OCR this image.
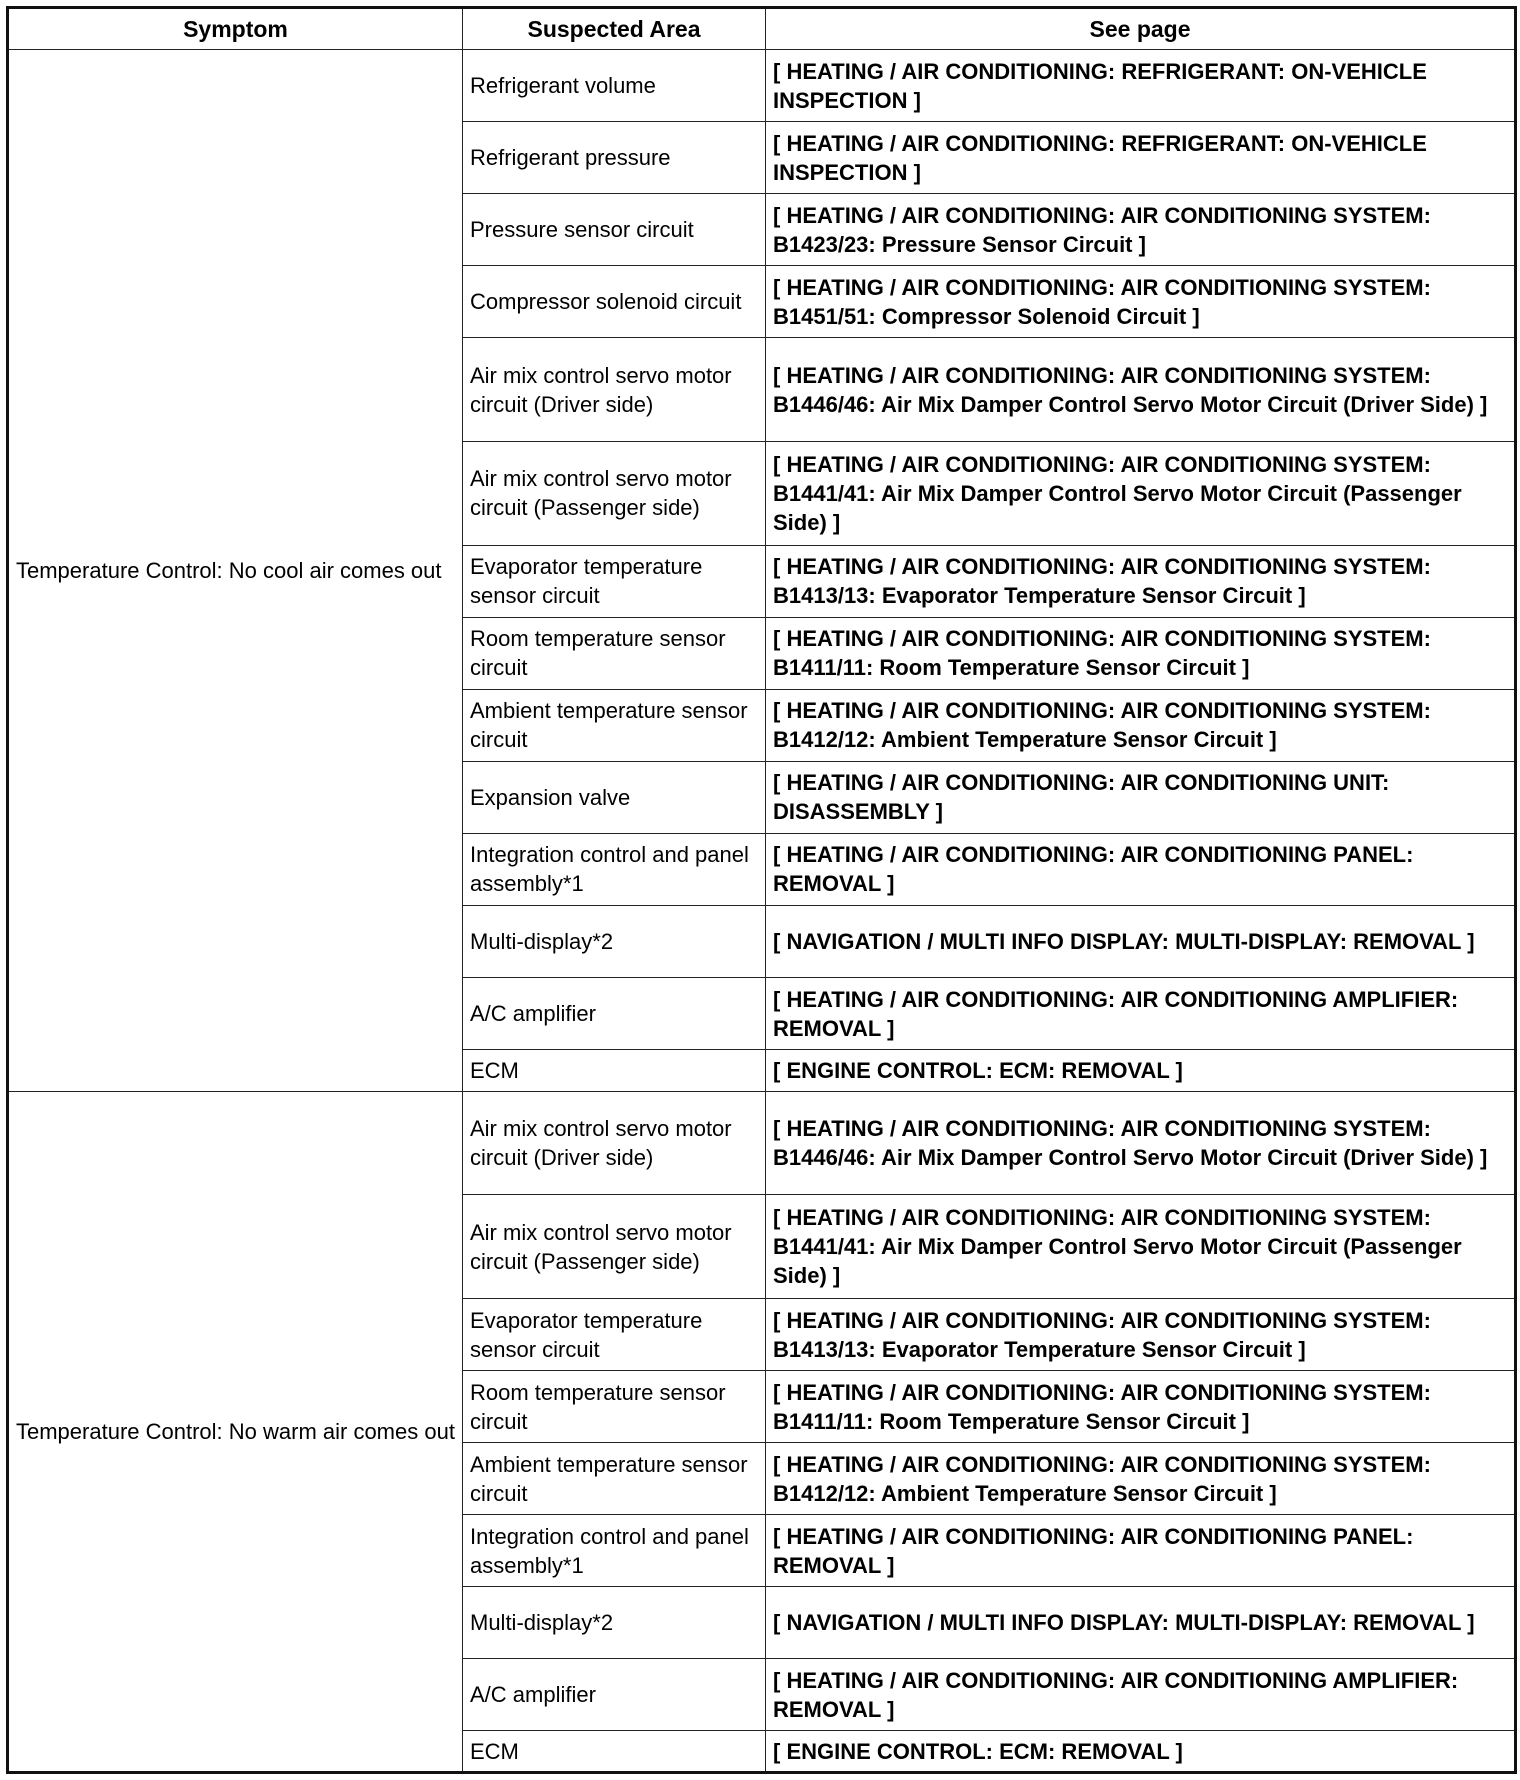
Symptom	Suspected Area	See page
Temperature Control: No cool air comes out	Refrigerant volume	[ HEATING / AIR CONDITIONING: REFRIGERANT: ON-VEHICLE INSPECTION ]
	Refrigerant pressure	[ HEATING / AIR CONDITIONING: REFRIGERANT: ON-VEHICLE INSPECTION ]
	Pressure sensor circuit	[ HEATING / AIR CONDITIONING: AIR CONDITIONING SYSTEM: B1423/23: Pressure Sensor Circuit ]
	Compressor solenoid circuit	[ HEATING / AIR CONDITIONING: AIR CONDITIONING SYSTEM: B1451/51: Compressor Solenoid Circuit ]
	Air mix control servo motor circuit (Driver side)	[ HEATING / AIR CONDITIONING: AIR CONDITIONING SYSTEM: B1446/46: Air Mix Damper Control Servo Motor Circuit (Driver Side) ]
	Air mix control servo motor circuit (Passenger side)	[ HEATING / AIR CONDITIONING: AIR CONDITIONING SYSTEM: B1441/41: Air Mix Damper Control Servo Motor Circuit (Passenger Side) ]
	Evaporator temperature sensor circuit	[ HEATING / AIR CONDITIONING: AIR CONDITIONING SYSTEM: B1413/13: Evaporator Temperature Sensor Circuit ]
	Room temperature sensor circuit	[ HEATING / AIR CONDITIONING: AIR CONDITIONING SYSTEM: B1411/11: Room Temperature Sensor Circuit ]
	Ambient temperature sensor circuit	[ HEATING / AIR CONDITIONING: AIR CONDITIONING SYSTEM: B1412/12: Ambient Temperature Sensor Circuit ]
	Expansion valve	[ HEATING / AIR CONDITIONING: AIR CONDITIONING UNIT: DISASSEMBLY ]
	Integration control and panel assembly*1	[ HEATING / AIR CONDITIONING: AIR CONDITIONING PANEL: REMOVAL ]
	Multi-display*2	[ NAVIGATION / MULTI INFO DISPLAY: MULTI-DISPLAY: REMOVAL ]
	A/C amplifier	[ HEATING / AIR CONDITIONING: AIR CONDITIONING AMPLIFIER: REMOVAL ]
	ECM	[ ENGINE CONTROL: ECM: REMOVAL ]
Temperature Control: No warm air comes out	Air mix control servo motor circuit (Driver side)	[ HEATING / AIR CONDITIONING: AIR CONDITIONING SYSTEM: B1446/46: Air Mix Damper Control Servo Motor Circuit (Driver Side) ]
	Air mix control servo motor circuit (Passenger side)	[ HEATING / AIR CONDITIONING: AIR CONDITIONING SYSTEM: B1441/41: Air Mix Damper Control Servo Motor Circuit (Passenger Side) ]
	Evaporator temperature sensor circuit	[ HEATING / AIR CONDITIONING: AIR CONDITIONING SYSTEM: B1413/13: Evaporator Temperature Sensor Circuit ]
	Room temperature sensor circuit	[ HEATING / AIR CONDITIONING: AIR CONDITIONING SYSTEM: B1411/11: Room Temperature Sensor Circuit ]
	Ambient temperature sensor circuit	[ HEATING / AIR CONDITIONING: AIR CONDITIONING SYSTEM: B1412/12: Ambient Temperature Sensor Circuit ]
	Integration control and panel assembly*1	[ HEATING / AIR CONDITIONING: AIR CONDITIONING PANEL: REMOVAL ]
	Multi-display*2	[ NAVIGATION / MULTI INFO DISPLAY: MULTI-DISPLAY: REMOVAL ]
	A/C amplifier	[ HEATING / AIR CONDITIONING: AIR CONDITIONING AMPLIFIER: REMOVAL ]
	ECM	[ ENGINE CONTROL: ECM: REMOVAL ]
